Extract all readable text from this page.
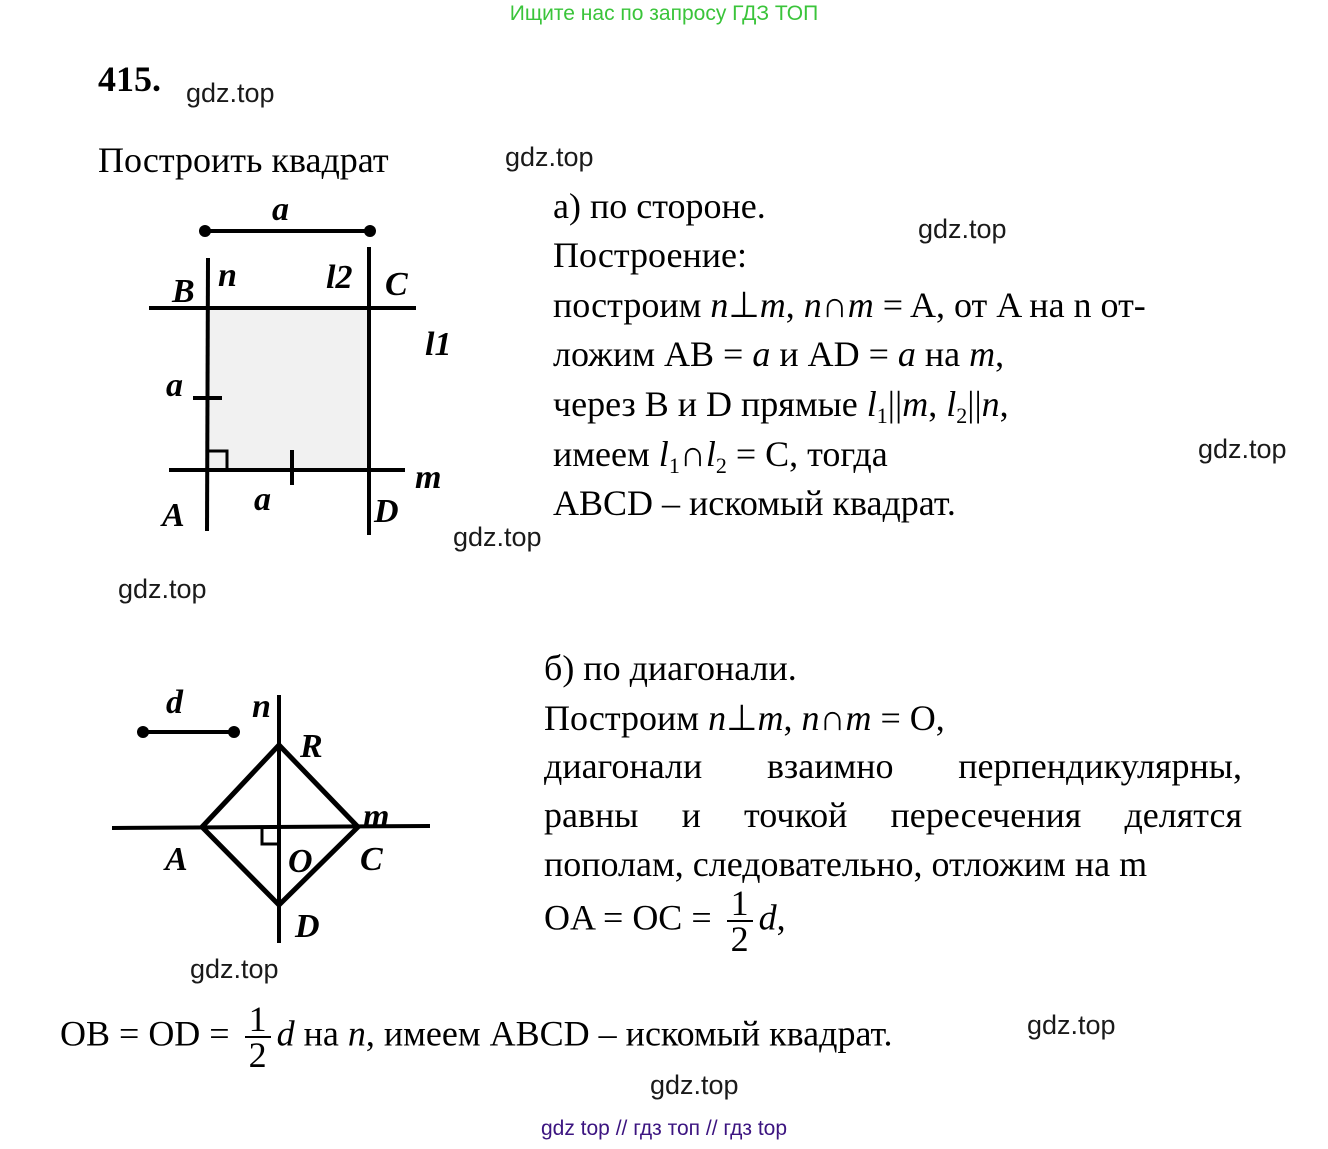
Ищите нас по запросу ГДЗ ТОП
415.
Построить квадрат
gdz.top
gdz.top
gdz.top
gdz.top
gdz.top
gdz.top
gdz.top
gdz.top
gdz.top
а) по стороне.
Построение:
построим n⊥m, n∩m = A, от A на n от-
ложим AB = a и AD = a на m,
через B и D прямые $l_1||m$, $l_2||n$,
имеем $l_1\cap l_2 = C$, тогда
ABCD – искомый квадрат.
б) по диагонали.
Построим n⊥m, n∩m = O,
диагонали взаимно перпендикулярны,
равны и точкой пересечения делятся
пополам, следовательно, отложим на m
OA = OC = $\frac{1}{2} d$,
OB = OD = $\frac{1}{2}$ d на n, имеем ABCD – искомый квадрат.
a
B n	l2 C
l1
a
m
A a	D
d n
R
m
A	O C
D
gdz top // гдз топ // гдз top
